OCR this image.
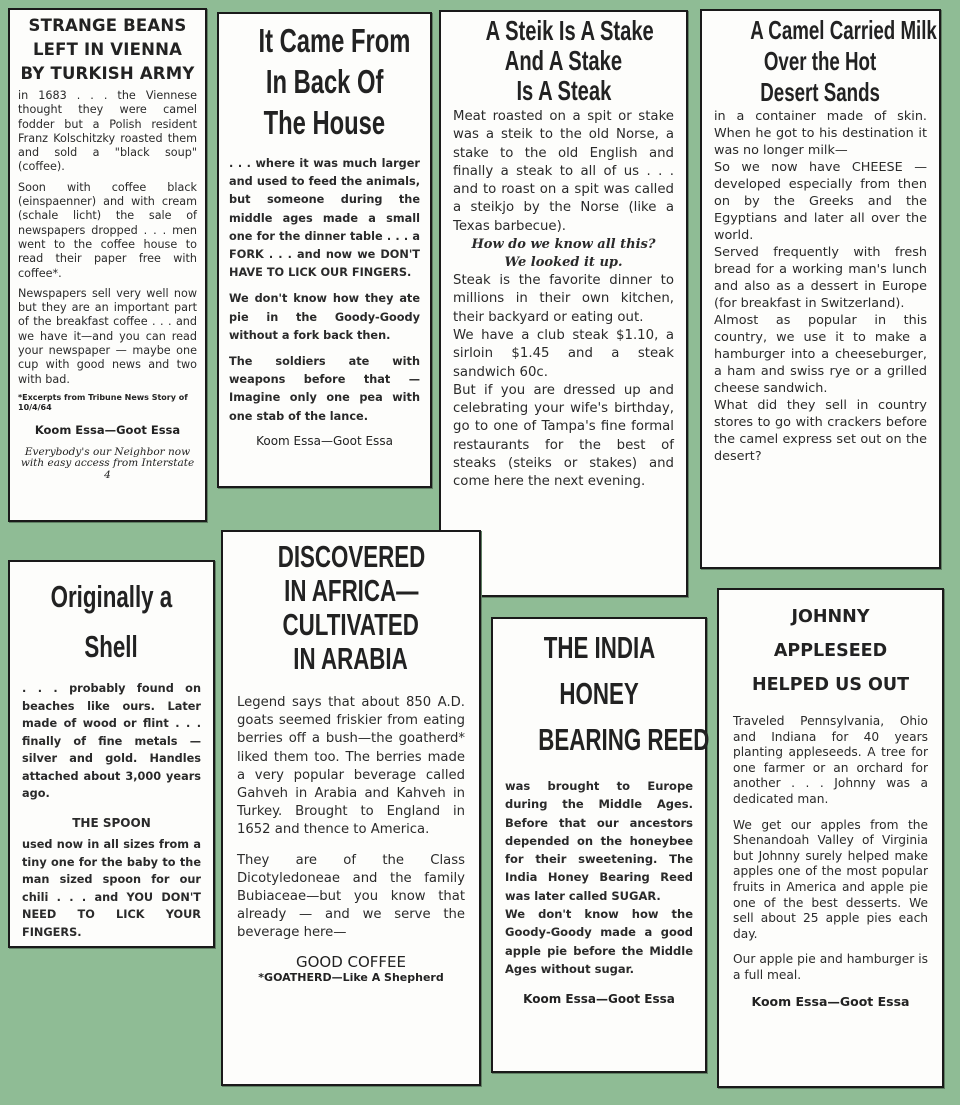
STRANGE BEANS
LEFT IN VIENNA
BY TURKISH ARMY

in 1683 . . . the Viennese thought they were camel fodder but a Polish resident Franz Kolschitzky roasted them and sold a "black soup" (coffee).

Soon with coffee black (einspaenner) and with cream (schale licht) the sale of newspapers dropped . . . men went to the coffee house to read their paper free with coffee*.

Newspapers sell very well now but they are an important part of the breakfast coffee . . . and we have it—and you can read your newspaper — maybe one cup with good news and two with bad.

*Excerpts from Tribune News Story of 10/4/64
Koom Essa—Goot Essa
Everybody's our Neighbor now with easy access from Interstate 4
It Came From
In Back Of
The House

. . . where it was much larger and used to feed the animals, but someone during the middle ages made a small one for the dinner table . . . a FORK . . . and now we DON'T HAVE TO LICK OUR FINGERS.

We don't know how they ate pie in the Goody-Goody without a fork back then.

The soldiers ate with weapons before that — Imagine only one pea with one stab of the lance.

Koom Essa—Goot Essa
A Steik Is A Stake
And A Stake
Is A Steak

Meat roasted on a spit or stake was a steik to the old Norse, a stake to the old English and finally a steak to all of us . . . and to roast on a spit was called a steikjo by the Norse (like a Texas barbecue).

How do we know all this?
We looked it up.

Steak is the favorite dinner to millions in their own kitchen, their backyard or eating out.

We have a club steak $1.10, a sirloin $1.45 and a steak sandwich 60c.

But if you are dressed up and celebrating your wife's birthday, go to one of Tampa's fine formal restaurants for the best of steaks (steiks or stakes) and come here the next evening.

A Camel Carried Milk
Over the Hot
Desert Sands

in a container made of skin. When he got to his destination it was no longer milk—

So we now have CHEESE — developed especially from then on by the Greeks and the Egyptians and later all over the world.

Served frequently with fresh bread for a working man's lunch and also as a dessert in Europe (for breakfast in Switzerland).

Almost as popular in this country, we use it to make a hamburger into a cheeseburger, a ham and swiss rye or a grilled cheese sandwich.

What did they sell in country stores to go with crackers before the camel express set out on the desert?

Originally a
Shell

. . . probably found on beaches like ours. Later made of wood or flint . . . finally of fine metals — silver and gold. Handles attached about 3,000 years ago.

THE SPOON

used now in all sizes from a tiny one for the baby to the man sized spoon for our chili . . . and YOU DON'T NEED TO LICK YOUR FINGERS.

DISCOVERED
IN AFRICA—
CULTIVATED
IN ARABIA

Legend says that about 850 A.D. goats seemed friskier from eating berries off a bush—the goatherd* liked them too. The berries made a very popular beverage called Gahveh in Arabia and Kahveh in Turkey. Brought to England in 1652 and thence to America.

They are of the Class Dicotyledoneae and the family Bubiaceae—but you know that already — and we serve the beverage here—

GOOD COFFEE
*GOATHERD—Like A Shepherd
THE INDIA
HONEY
BEARING REED

was brought to Europe during the Middle Ages. Before that our ancestors depended on the honeybee for their sweetening. The India Honey Bearing Reed was later called SUGAR.

We don't know how the Goody-Goody made a good apple pie before the Middle Ages without sugar.

Koom Essa—Goot Essa
JOHNNY
APPLESEED
HELPED US OUT

Traveled Pennsylvania, Ohio and Indiana for 40 years planting appleseeds. A tree for one farmer or an orchard for another . . . Johnny was a dedicated man.

We get our apples from the Shenandoah Valley of Virginia but Johnny surely helped make apples one of the most popular fruits in America and apple pie one of the best desserts. We sell about 25 apple pies each day.

Our apple pie and hamburger is a full meal.

Koom Essa—Goot Essa
